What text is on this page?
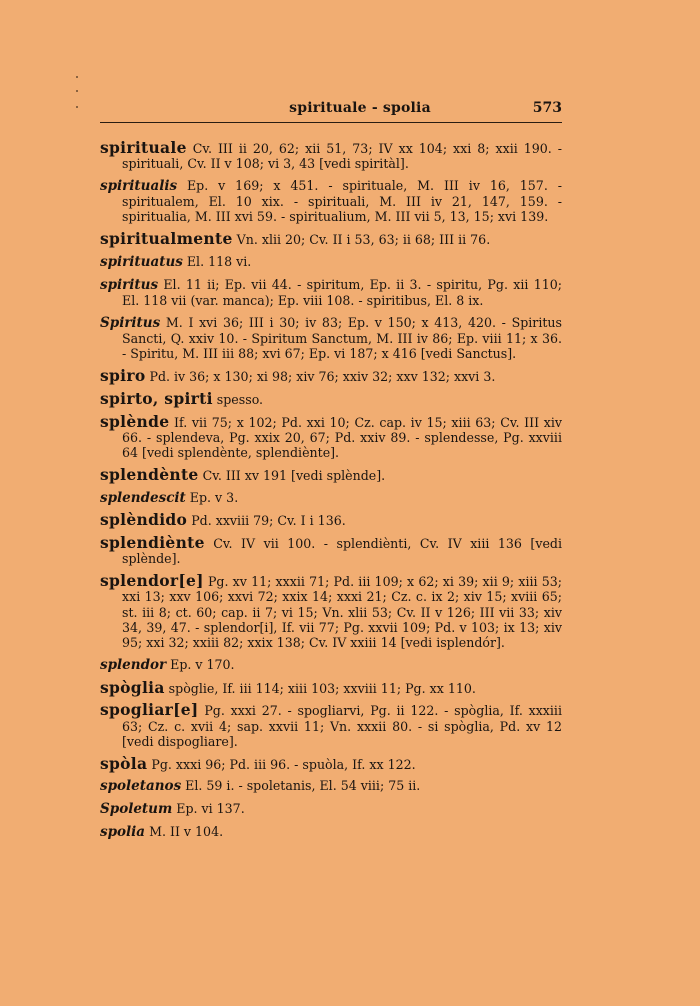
spirituale - spolia	573

spirituale Cv. III ii 20, 62; xii 51, 73; IV xx 104; xxi 8; xxii 190. - spirituali, Cv. II v 108; vi 3, 43 [vedi spiritàl].

spiritualis Ep. v 169; x 451. - spirituale, M. III iv 16, 157. - spiritualem, El. 10 xix. - spirituali, M. III iv 21, 147, 159. - spiritualia, M. III xvi 59. - spiritualium, M. III vii 5, 13, 15; xvi 139.

spiritualmente Vn. xlii 20; Cv. II i 53, 63; ii 68; III ii 76.

spirituatus El. 118 vi.

spiritus El. 11 ii; Ep. vii 44. - spiritum, Ep. ii 3. - spiritu, Pg. xii 110; El. 118 vii (var. manca); Ep. viii 108. - spiritibus, El. 8 ix.

Spiritus M. I xvi 36; III i 30; iv 83; Ep. v 150; x 413, 420. - Spiritus Sancti, Q. xxiv 10. - Spiritum Sanctum, M. III iv 86; Ep. viii 11; x 36. - Spiritu, M. III iii 88; xvi 67; Ep. vi 187; x 416 [vedi Sanctus].

spiro Pd. iv 36; x 130; xi 98; xiv 76; xxiv 32; xxv 132; xxvi 3.

spirto, spirti spesso.

splènde If. vii 75; x 102; Pd. xxi 10; Cz. cap. iv 15; xiii 63; Cv. III xiv 66. - splendeva, Pg. xxix 20, 67; Pd. xxiv 89. - splendesse, Pg. xxviii 64 [vedi splendènte, splendiènte].

splendènte Cv. III xv 191 [vedi splènde].

splendescit Ep. v 3.

splèndido Pd. xxviii 79; Cv. I i 136.

splendiènte Cv. IV vii 100. - splendiènti, Cv. IV xiii 136 [vedi splènde].

splendor[e] Pg. xv 11; xxxii 71; Pd. iii 109; x 62; xi 39; xii 9; xiii 53; xxi 13; xxv 106; xxvi 72; xxix 14; xxxi 21; Cz. c. ix 2; xiv 15; xviii 65; st. iii 8; ct. 60; cap. ii 7; vi 15; Vn. xlii 53; Cv. II v 126; III vii 33; xiv 34, 39, 47. - splendor[i], If. vii 77; Pg. xxvii 109; Pd. v 103; ix 13; xiv 95; xxi 32; xxiii 82; xxix 138; Cv. IV xxiii 14 [vedi isplendór].

splendor Ep. v 170.

spòglia spòglie, If. iii 114; xiii 103; xxviii 11; Pg. xx 110.

spogliar[e] Pg. xxxi 27. - spogliarvi, Pg. ii 122. - spòglia, If. xxxiii 63; Cz. c. xvii 4; sap. xxvii 11; Vn. xxxii 80. - si spòglia, Pd. xv 12 [vedi dispogliare].

spòla Pg. xxxi 96; Pd. iii 96. - spuòla, If. xx 122.

spoletanos El. 59 i. - spoletanis, El. 54 viii; 75 ii.

Spoletum Ep. vi 137.

spolia M. II v 104.
